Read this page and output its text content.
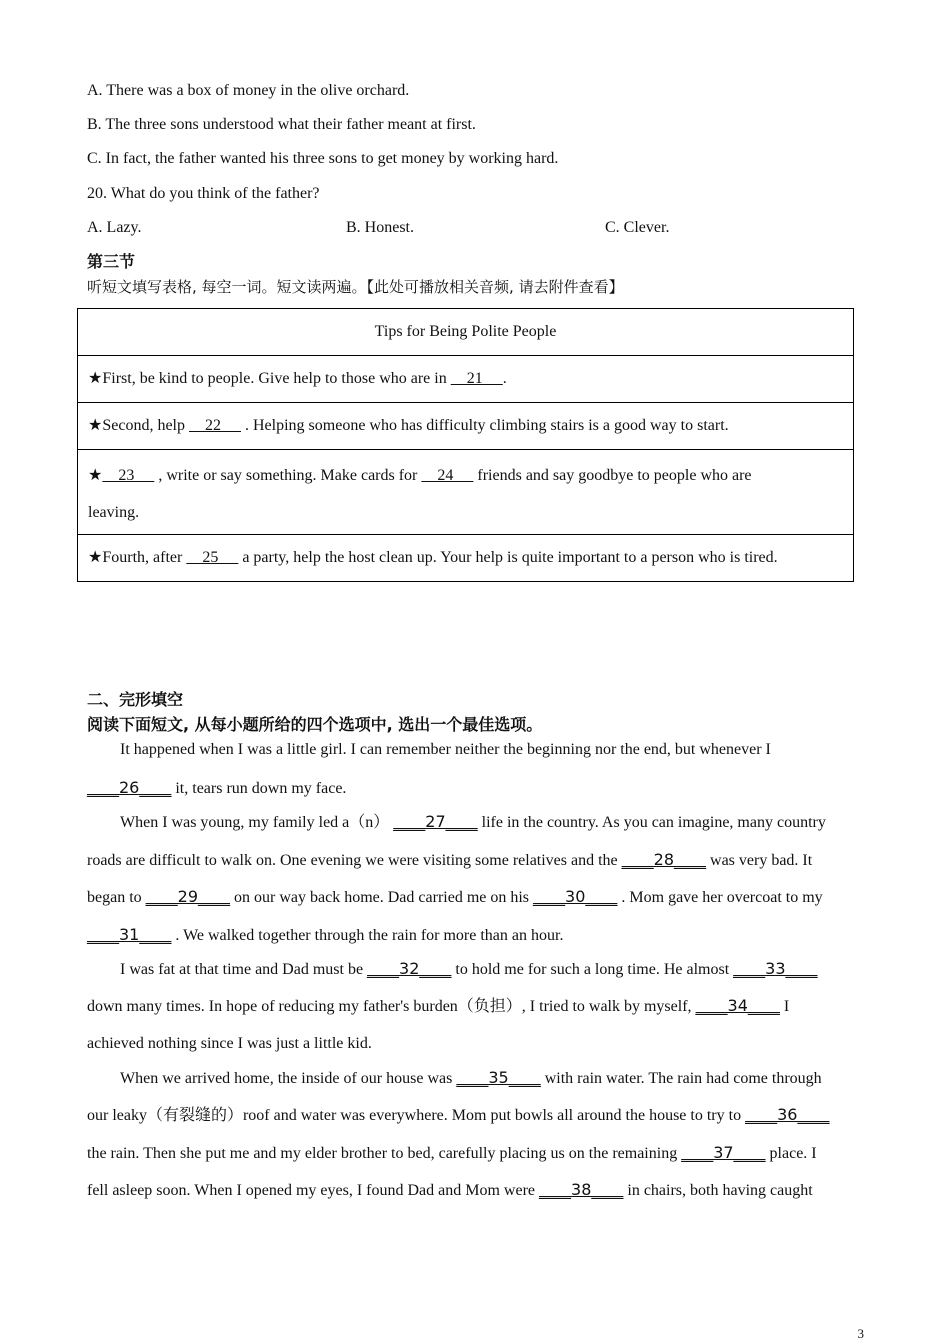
A. There was a box of money in the olive orchard.
B. The three sons understood what their father meant at first.
C. In fact, the father wanted his three sons to get money by working hard.
20. What do you think of the father?
A. Lazy.	B. Honest.	C. Clever.
第三节
听短文填写表格, 每空一词。短文读两遍。【此处可播放相关音频, 请去附件查看】
Tips for Being Polite People
★First, be kind to people. Give help to those who are in     21     .
★Second, help     22      . Helping someone who has difficulty climbing stairs is a good way to start.

★    23      , write or say something. Make cards for     24      friends and say goodbye to people who are
leaving.

★Fourth, after     25      a party, help the host clean up. Your help is quite important to a person who is tired.
二、完形填空
阅读下面短文, 从每小题所给的四个选项中, 选出一个最佳选项。
It happened when I was a little girl. I can remember neither the beginning nor the end, but whenever I
____26____ it, tears run down my face.
When I was young, my family led a（n） ____27____ life in the country. As you can imagine, many country
roads are difficult to walk on. One evening we were visiting some relatives and the ____28____ was very bad. It
began to ____29____ on our way back home. Dad carried me on his ____30____ . Mom gave her overcoat to my
____31____ . We walked together through the rain for more than an hour.
I was fat at that time and Dad must be ____32____ to hold me for such a long time. He almost ____33____
down many times. In hope of reducing my father's burden（负担）, I tried to walk by myself, ____34____ I
achieved nothing since I was just a little kid.
When we arrived home, the inside of our house was ____35____ with rain water. The rain had come through
our leaky（有裂缝的）roof and water was everywhere. Mom put bowls all around the house to try to ____36____
the rain. Then she put me and my elder brother to bed, carefully placing us on the remaining ____37____ place. I
fell asleep soon. When I opened my eyes, I found Dad and Mom were ____38____ in chairs, both having caught
3
